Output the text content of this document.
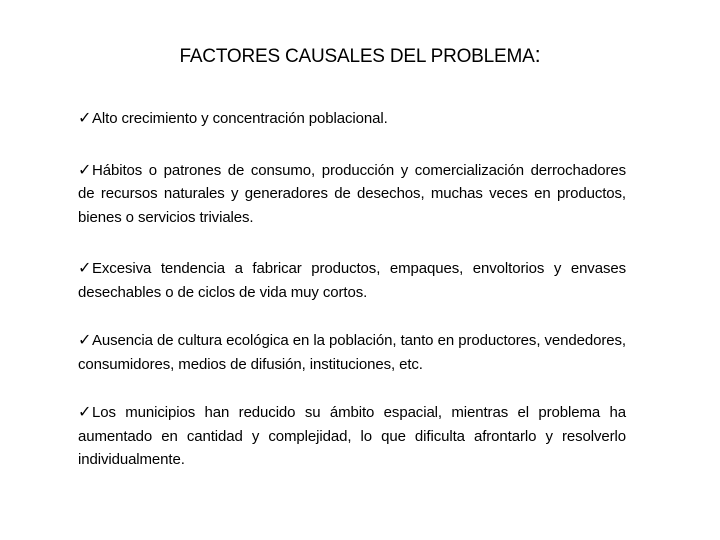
FACTORES CAUSALES DEL PROBLEMA:
✓Alto crecimiento y concentración poblacional.
✓Hábitos o patrones de consumo, producción y comercialización derrochadores de recursos naturales y generadores de desechos, muchas veces en productos, bienes o servicios triviales.
✓Excesiva tendencia a fabricar productos, empaques, envoltorios y envases desechables o de ciclos de vida muy cortos.
✓Ausencia de cultura ecológica en la población, tanto en productores, vendedores, consumidores, medios de difusión, instituciones, etc.
✓Los municipios han reducido su ámbito espacial, mientras el problema ha aumentado en cantidad y complejidad, lo que dificulta afrontarlo y resolverlo individualmente.
